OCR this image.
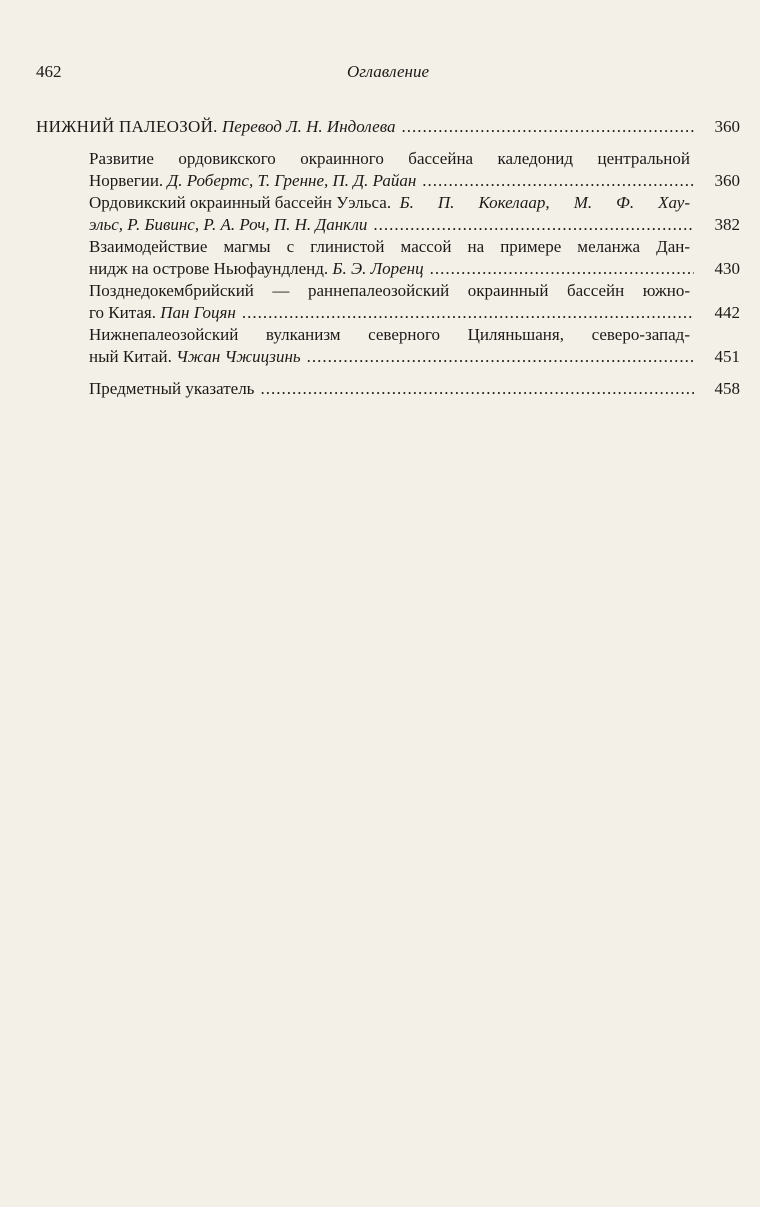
462	Оглавление
НИЖНИЙ ПАЛЕОЗОЙ.
Перевод Л. Н. Индолева .....	360
Развитие ордовикского окраинного бассейна каледонид центральной
Норвегии.
Д. Робертс, Т. Гренне, П. Д. Райан .....	360
Ордовикский окраинный бассейн Уэльса.
Б. П. Кокелаар, М. Ф. Хау-
эльс, Р. Бивинс, Р. А. Роч, П. Н. Данкли .....	382
Взаимодействие магмы с глинистой массой на примере меланжа Дан-
нидж на острове Ньюфаундленд.
Б. Э. Лоренц .....	430
Позднедокембрийский — раннепалеозойский окраинный бассейн южно-
го Китая.
Пан Гоцян .....	442
Нижнепалеозойский вулканизм северного Циляньшаня, северо-запад-
ный Китай.
Чжан Чжицзинь .....	451
Предметный указатель .....	458
